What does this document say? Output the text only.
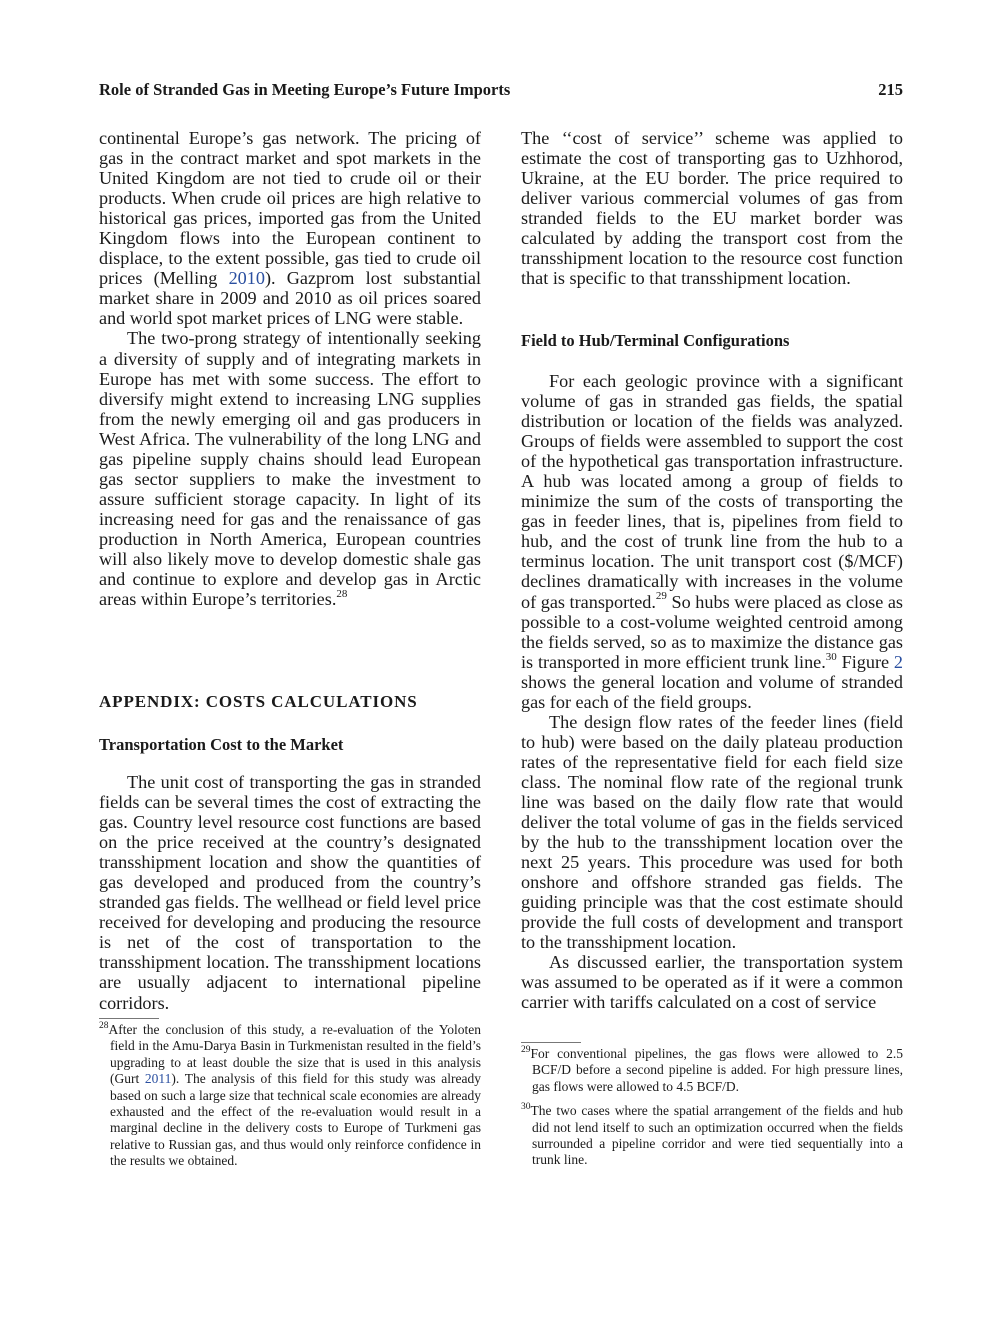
Role of Stranded Gas in Meeting Europe’s Future Imports	215

continental Europe’s gas network. The pricing of gas in the contract market and spot markets in the United Kingdom are not tied to crude oil or their products. When crude oil prices are high relative to historical gas prices, imported gas from the United Kingdom flows into the European continent to displace, to the extent possible, gas tied to crude oil prices (Melling 2010). Gazprom lost substantial market share in 2009 and 2010 as oil prices soared and world spot market prices of LNG were stable.

The two-prong strategy of intentionally seeking a diversity of supply and of integrating markets in Europe has met with some success. The effort to diversify might extend to increasing LNG supplies from the newly emerging oil and gas producers in West Africa. The vulnerability of the long LNG and gas pipeline supply chains should lead European gas sector suppliers to make the investment to assure sufficient storage capacity. In light of its increasing need for gas and the renaissance of gas production in North America, European countries will also likely move to develop domestic shale gas and continue to explore and develop gas in Arctic areas within Europe’s territories.$^{28}$

APPENDIX: COSTS CALCULATIONS
Transportation Cost to the Market

The unit cost of transporting the gas in stranded fields can be several times the cost of extracting the gas. Country level resource cost functions are based on the price received at the country’s designated transshipment location and show the quantities of gas developed and produced from the country’s stranded gas fields. The wellhead or field level price received for developing and producing the resource is net of the cost of transportation to the transshipment location. The transshipment locations are usually adjacent to international pipeline corridors.

The ‘‘cost of service’’ scheme was applied to estimate the cost of transporting gas to Uzhhorod, Ukraine, at the EU border. The price required to deliver various commercial volumes of gas from stranded fields to the EU market border was calculated by adding the transport cost from the transshipment location to the resource cost function that is specific to that transshipment location.

Field to Hub/Terminal Configurations

For each geologic province with a significant volume of gas in stranded gas fields, the spatial distribution or location of the fields was analyzed. Groups of fields were assembled to support the cost of the hypothetical gas transportation infrastructure. A hub was located among a group of fields to minimize the sum of the costs of transporting the gas in feeder lines, that is, pipelines from field to hub, and the cost of trunk line from the hub to a terminus location. The unit transport cost ($/MCF) declines dramatically with increases in the volume of gas transported.$^{29}$ So hubs were placed as close as possible to a cost-volume weighted centroid among the fields served, so as to maximize the distance gas is transported in more efficient trunk line.$^{30}$ Figure 2 shows the general location and volume of stranded gas for each of the field groups.

The design flow rates of the feeder lines (field to hub) were based on the daily plateau production rates of the representative field for each field size class. The nominal flow rate of the regional trunk line was based on the daily flow rate that would deliver the total volume of gas in the fields serviced by the hub to the transshipment location over the next 25 years. This procedure was used for both onshore and offshore stranded gas fields. The guiding principle was that the cost estimate should provide the full costs of development and transport to the transshipment location.

As discussed earlier, the transportation system was assumed to be operated as if it were a common carrier with tariffs calculated on a cost of service

$^{28}$After the conclusion of this study, a re-evaluation of the Yoloten field in the Amu-Darya Basin in Turkmenistan resulted in the field’s upgrading to at least double the size that is used in this analysis (Gurt 2011). The analysis of this field for this study was already based on such a large size that technical scale economies are already exhausted and the effect of the re-evaluation would result in a marginal decline in the delivery costs to Europe of Turkmeni gas relative to Russian gas, and thus would only reinforce confidence in the results we obtained.

$^{29}$For conventional pipelines, the gas flows were allowed to 2.5 BCF/D before a second pipeline is added. For high pressure lines, gas flows were allowed to 4.5 BCF/D.

$^{30}$The two cases where the spatial arrangement of the fields and hub did not lend itself to such an optimization occurred when the fields surrounded a pipeline corridor and were tied sequentially into a trunk line.
